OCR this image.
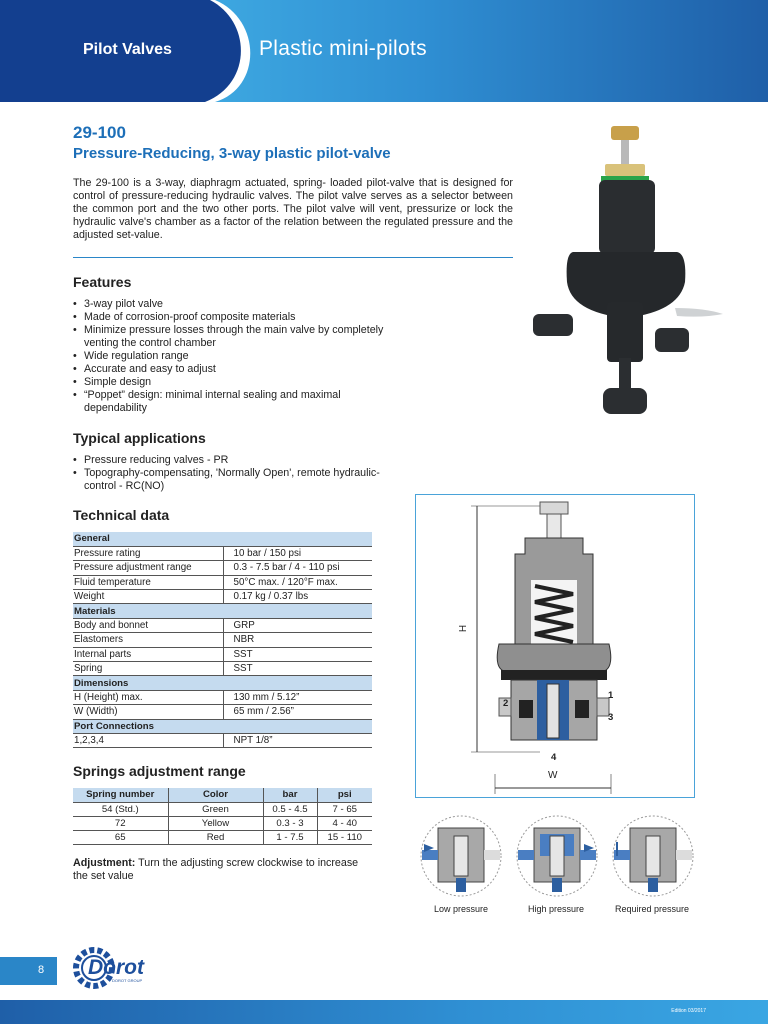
Pilot Valves	Plastic mini-pilots
29-100
Pressure-Reducing, 3-way plastic pilot-valve

The 29-100 is a 3-way, diaphragm actuated, spring- loaded pilot-valve that is designed for control of pressure-reducing hydraulic valves. The pilot valve serves as a selector between the common port and the two other ports. The pilot valve will vent, pressurize or lock the hydraulic valve's chamber as a factor of the relation between the regulated pressure and the adjusted set-value.

Features
• 3-way pilot valve
• Made of corrosion-proof composite materials
• Minimize pressure losses through the main valve by completely venting the control chamber
• Wide regulation range
• Accurate and easy to adjust
• Simple design
• “Poppet” design: minimal internal sealing and maximal dependability
Typical applications
• Pressure reducing valves - PR
• Topography-compensating, 'Normally Open', remote hydraulic-control - RC(NO)
Technical data
General	
Pressure rating	10 bar / 150 psi
Pressure adjustment range	0.3 - 7.5 bar / 4 - 110 psi
Fluid temperature	50°C max. / 120°F max.
Weight	0.17 kg / 0.37 lbs
Materials	
Body and bonnet	GRP
Elastomers	NBR
Internal parts	SST
Spring	SST
Dimensions	
H (Height) max.	130 mm / 5.12”
W (Width)	65 mm / 2.56”
Port Connections	
1,2,3,4	NPT 1/8”
Springs adjustment range
Spring number	Color	bar	psi
54 (Std.)	Green	0.5 - 4.5	7 - 65
72	Yellow	0.3 - 3	4 - 40
65	Red	1 - 7.5	15 - 110

Adjustment: Turn the adjusting screw clockwise to increase the set value

1
2
3
4
H
W
Low pressure	High pressure	Required pressure
8 Dorot
DOROT GROUP
Edition 03/2017
